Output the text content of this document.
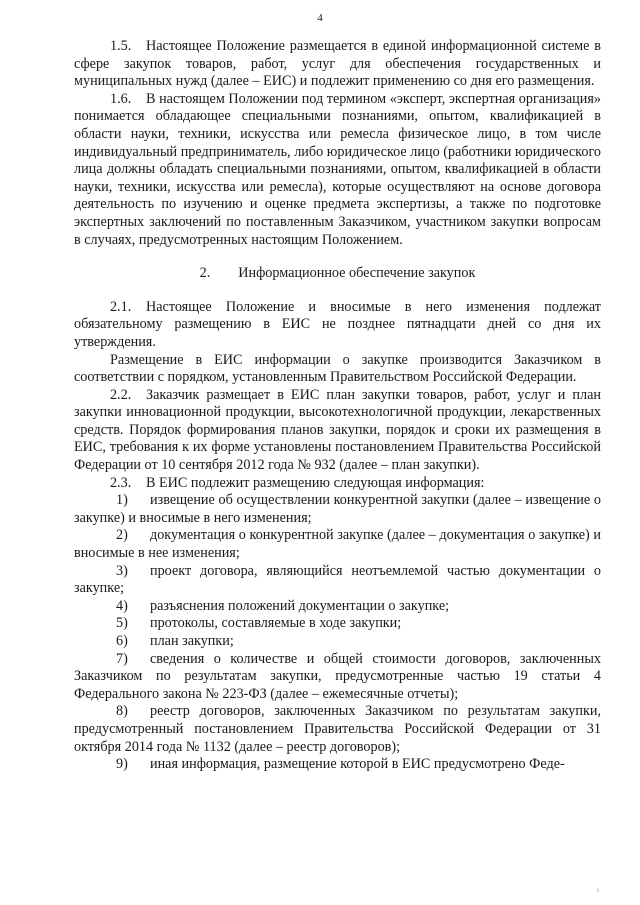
4

1.5. Настоящее Положение размещается в единой информационной системе в сфере закупок товаров, работ, услуг для обеспечения государственных и муниципальных нужд (далее – ЕИС) и подлежит применению со дня его размещения.

1.6. В настоящем Положении под термином «эксперт, экспертная организация» понимается обладающее специальными познаниями, опытом, квалификацией в области науки, техники, искусства или ремесла физическое лицо, в том числе индивидуальный предприниматель, либо юридическое лицо (работники юридического лица должны обладать специальными познаниями, опытом, квалификацией в области науки, техники, искусства или ремесла), которые осуществляют на основе договора деятельность по изучению и оценке предмета экспертизы, а также по подготовке экспертных заключений по поставленным Заказчиком, участником закупки вопросам в случаях, предусмотренных настоящим Положением.

2. Информационное обеспечение закупок

2.1. Настоящее Положение и вносимые в него изменения подлежат обязательному размещению в ЕИС не позднее пятнадцати дней со дня их утверждения.

Размещение в ЕИС информации о закупке производится Заказчиком в соответствии с порядком, установленным Правительством Российской Федерации.

2.2. Заказчик размещает в ЕИС план закупки товаров, работ, услуг и план закупки инновационной продукции, высокотехнологичной продукции, лекарственных средств. Порядок формирования планов закупки, порядок и сроки их размещения в ЕИС, требования к их форме установлены постановлением Правительства Российской Федерации от 10 сентября 2012 года № 932 (далее – план закупки).

2.3. В ЕИС подлежит размещению следующая информация:

1) извещение об осуществлении конкурентной закупки (далее – извещение о закупке) и вносимые в него изменения;

2) документация о конкурентной закупке (далее – документация о закупке) и вносимые в нее изменения;

3) проект договора, являющийся неотъемлемой частью документации о закупке;

4) разъяснения положений документации о закупке;

5) протоколы, составляемые в ходе закупки;

6) план закупки;

7) сведения о количестве и общей стоимости договоров, заключенных Заказчиком по результатам закупки, предусмотренные частью 19 статьи 4 Федерального закона № 223-ФЗ (далее – ежемесячные отчеты);

8) реестр договоров, заключенных Заказчиком по результатам закупки, предусмотренный постановлением Правительства Российской Федерации от 31 октября 2014 года № 1132 (далее – реестр договоров);

9) иная информация, размещение которой в ЕИС предусмотрено Феде-

ı
